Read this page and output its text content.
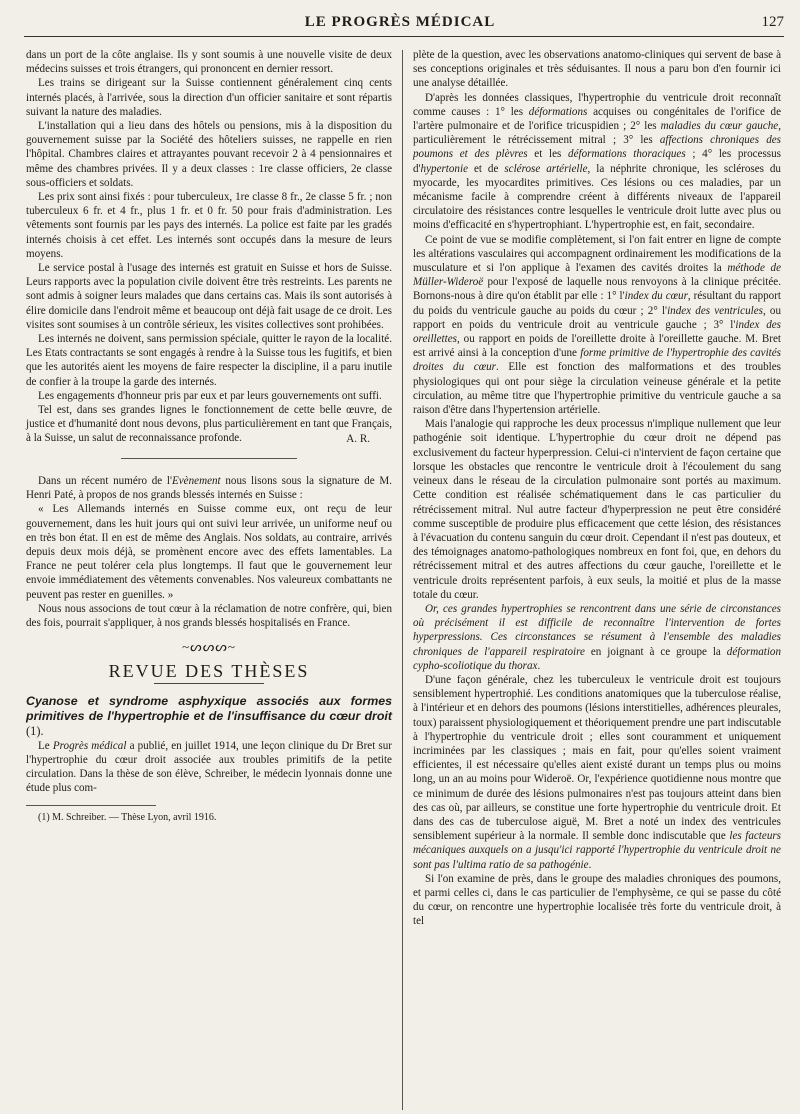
LE PROGRÈS MÉDICAL	127

dans un port de la côte anglaise. Ils y sont soumis à une nouvelle visite de deux médecins suisses et trois étrangers, qui prononcent en dernier ressort.

Les trains se dirigeant sur la Suisse contiennent généralement cinq cents internés placés, à l'arrivée, sous la direction d'un officier sanitaire et sont répartis suivant la nature des maladies.

L'installation qui a lieu dans des hôtels ou pensions, mis à la disposition du gouvernement suisse par la Société des hôteliers suisses, ne rappelle en rien l'hôpital. Chambres claires et attrayantes pouvant recevoir 2 à 4 pensionnaires et même des chambres privées. Il y a deux classes : 1re classe officiers, 2e classe sous-officiers et soldats.

Les prix sont ainsi fixés : pour tuberculeux, 1re classe 8 fr., 2e classe 5 fr. ; non tuberculeux 6 fr. et 4 fr., plus 1 fr. et 0 fr. 50 pour frais d'administration. Les vêtements sont fournis par les pays des internés. La police est faite par les gradés internés choisis à cet effet. Les internés sont occupés dans la mesure de leurs moyens.

Le service postal à l'usage des internés est gratuit en Suisse et hors de Suisse. Leurs rapports avec la population civile doivent être très restreints. Les parents ne sont admis à soigner leurs malades que dans certains cas. Mais ils sont autorisés à élire domicile dans l'endroit même et beaucoup ont déjà fait usage de ce droit. Les visites sont soumises à un contrôle sérieux, les visites collectives sont prohibées.

Les internés ne doivent, sans permission spéciale, quitter le rayon de la localité. Les Etats contractants se sont engagés à rendre à la Suisse tous les fugitifs, et bien que les autorités aient les moyens de faire respecter la discipline, il a paru inutile de confier à la troupe la garde des internés.

Les engagements d'honneur pris par eux et par leurs gouvernements ont suffi.

Tel est, dans ses grandes lignes le fonctionnement de cette belle œuvre, de justice et d'humanité dont nous devons, plus particulièrement en tant que Français, à la Suisse, un salut de reconnaissance profonde.	A. R.

Dans un récent numéro de l'Evènement nous lisons sous la signature de M. Henri Paté, à propos de nos grands blessés internés en Suisse :

« Les Allemands internés en Suisse comme eux, ont reçu de leur gouvernement, dans les huit jours qui ont suivi leur arrivée, un uniforme neuf ou en très bon état. Il en est de même des Anglais. Nos soldats, au contraire, arrivés depuis deux mois déjà, se promènent encore avec des effets lamentables. La France ne peut tolérer cela plus longtemps. Il faut que le gouvernement leur envoie immédiatement des vêtements convenables. Nos valeureux combattants ne peuvent pas rester en guenilles. »

Nous nous associons de tout cœur à la réclamation de notre confrère, qui, bien des fois, pourrait s'appliquer, à nos grands blessés hospitalisés en France.

~ᔕᔕᔕ~
REVUE DES THÈSES

Cyanose et syndrome asphyxique associés aux formes primitives de l'hypertrophie et de l'insuffisance du cœur droit (1).

Le Progrès médical a publié, en juillet 1914, une leçon clinique du Dr Bret sur l'hypertrophie du cœur droit associée aux troubles primitifs de la petite circulation. Dans la thèse de son élève, Schreiber, le médecin lyonnais donne une étude plus com-

(1) M. Schreiber. — Thèse Lyon, avril 1916.

plète de la question, avec les observations anatomo-cliniques qui servent de base à ses conceptions originales et très séduisantes. Il nous a paru bon d'en fournir ici une analyse détaillée.

D'après les données classiques, l'hypertrophie du ventricule droit reconnaît comme causes : 1° les déformations acquises ou congénitales de l'orifice de l'artère pulmonaire et de l'orifice tricuspidien ; 2° les maladies du cœur gauche, particulièrement le rétrécissement mitral ; 3° les affections chroniques des poumons et des plèvres et les déformations thoraciques ; 4° les processus d'hypertonie et de sclérose artérielle, la néphrite chronique, les scléroses du myocarde, les myocardites primitives. Ces lésions ou ces maladies, par un mécanisme facile à comprendre créent à différents niveaux de l'appareil circulatoire des résistances contre lesquelles le ventricule droit lutte avec plus ou moins d'efficacité en s'hypertrophiant. L'hypertrophie est, en fait, secondaire.

Ce point de vue se modifie complètement, si l'on fait entrer en ligne de compte les altérations vasculaires qui accompagnent ordinairement les modifications de la musculature et si l'on applique à l'examen des cavités droites la méthode de Müller-Wideroë pour l'exposé de laquelle nous renvoyons à la clinique précitée. Bornons-nous à dire qu'on établit par elle : 1° l'index du cœur, résultant du rapport du poids du ventricule gauche au poids du cœur ; 2° l'index des ventricules, ou rapport en poids du ventricule droit au ventricule gauche ; 3° l'index des oreillettes, ou rapport en poids de l'oreillette droite à l'oreillette gauche. M. Bret est arrivé ainsi à la conception d'une forme primitive de l'hypertrophie des cavités droites du cœur. Elle est fonction des malformations et des troubles physiologiques qui ont pour siège la circulation veineuse générale et la petite circulation, au même titre que l'hypertrophie primitive du ventricule gauche a sa raison d'être dans l'hypertension artérielle.

Mais l'analogie qui rapproche les deux processus n'implique nullement que leur pathogénie soit identique. L'hypertrophie du cœur droit ne dépend pas exclusivement du facteur hyperpression. Celui-ci n'intervient de façon certaine que lorsque les obstacles que rencontre le ventricule droit à l'écoulement du sang veineux dans le réseau de la circulation pulmonaire sont portés au maximum. Cette condition est réalisée schématiquement dans le cas particulier du rétrécissement mitral. Nul autre facteur d'hyperpression ne peut être considéré comme susceptible de produire plus efficacement que cette lésion, des résistances à l'évacuation du contenu sanguin du cœur droit. Cependant il n'est pas douteux, et des témoignages anatomo-pathologiques nombreux en font foi, que, en dehors du rétrécissement mitral et des autres affections du cœur gauche, l'oreillette et le ventricule droits représentent parfois, à eux seuls, la moitié et plus de la masse totale du cœur.

Or, ces grandes hypertrophies se rencontrent dans une série de circonstances où précisément il est difficile de reconnaître l'intervention de fortes hyperpressions. Ces circonstances se résument à l'ensemble des maladies chroniques de l'appareil respiratoire en joignant à ce groupe la déformation cypho-scoliotique du thorax.

D'une façon générale, chez les tuberculeux le ventricule droit est toujours sensiblement hypertrophié. Les conditions anatomiques que la tuberculose réalise, à l'intérieur et en dehors des poumons (lésions interstitielles, adhérences pleurales, toux) paraissent physiologiquement et théoriquement prendre une part indiscutable à l'hypertrophie du ventricule droit ; elles sont couramment et uniquement incriminées par les classiques ; mais en fait, pour qu'elles soient vraiment efficientes, il est nécessaire qu'elles aient existé durant un temps plus ou moins long, un an au moins pour Wideroë. Or, l'expérience quotidienne nous montre que ce minimum de durée des lésions pulmonaires n'est pas toujours atteint dans bien des cas où, par ailleurs, se constitue une forte hypertrophie du ventricule droit. Et dans des cas de tuberculose aiguë, M. Bret a noté un index des ventricules sensiblement supérieur à la normale. Il semble donc indiscutable que les facteurs mécaniques auxquels on a jusqu'ici rapporté l'hypertrophie du ventricule droit ne sont pas l'ultima ratio de sa pathogénie.

Si l'on examine de près, dans le groupe des maladies chroniques des poumons, et parmi celles ci, dans le cas particulier de l'emphysème, ce qui se passe du côté du cœur, on rencontre une hypertrophie localisée très forte du ventricule droit, à tel
